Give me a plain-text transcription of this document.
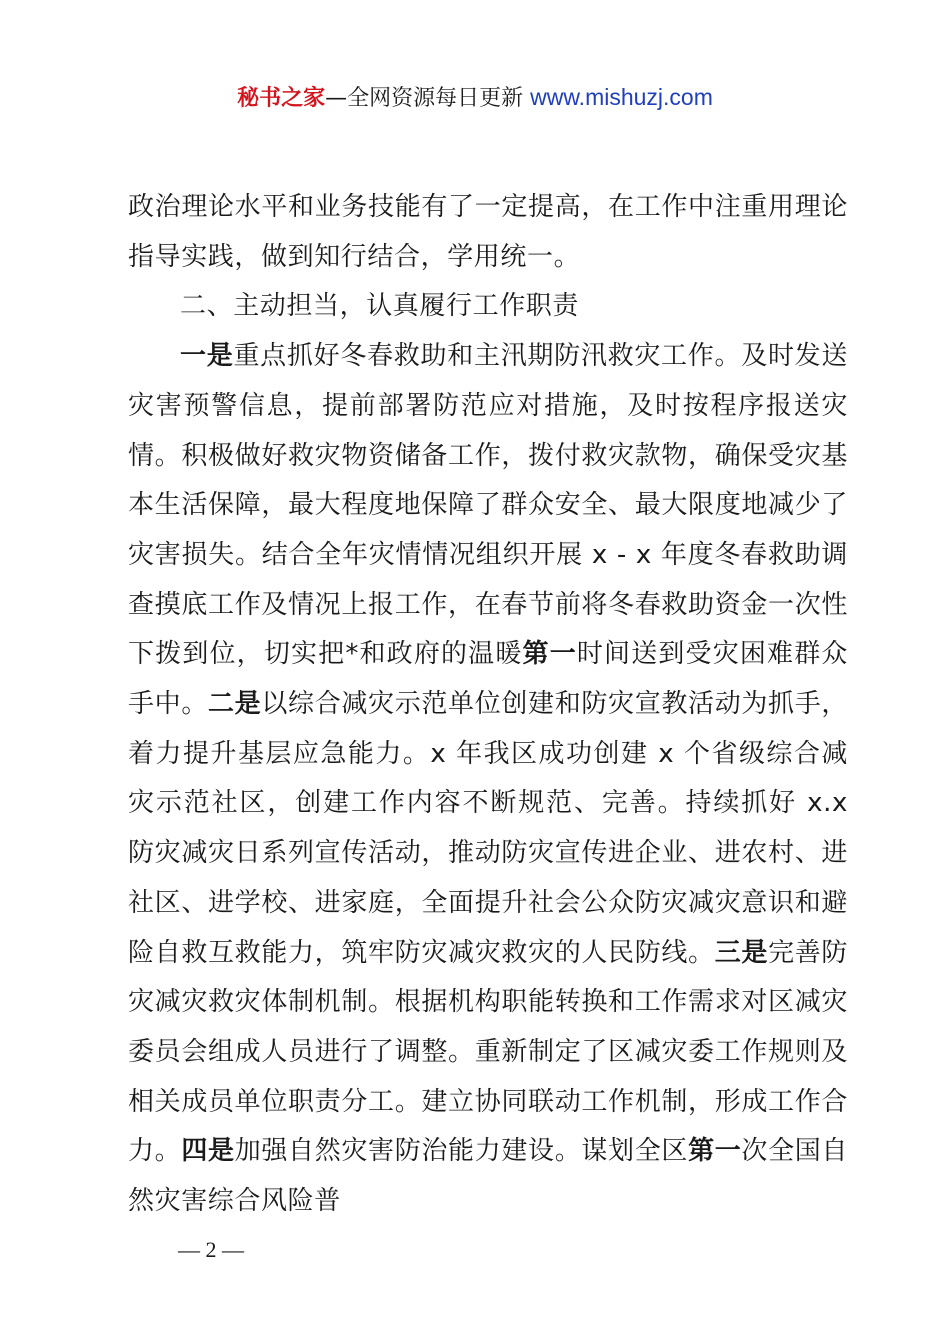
秘书之家—全网资源每日更新 www.mishuzj.com

政治理论水平和业务技能有了一定提高，在工作中注重用理论指导实践，做到知行结合，学用统一。

二、主动担当，认真履行工作职责

一是重点抓好冬春救助和主汛期防汛救灾工作。及时发送灾害预警信息，提前部署防范应对措施，及时按程序报送灾情。积极做好救灾物资储备工作，拨付救灾款物，确保受灾基本生活保障，最大程度地保障了群众安全、最大限度地减少了灾害损失。结合全年灾情情况组织开展 x - x 年度冬春救助调查摸底工作及情况上报工作，在春节前将冬春救助资金一次性下拨到位，切实把*和政府的温暖第一时间送到受灾困难群众手中。二是以综合减灾示范单位创建和防灾宣教活动为抓手，着力提升基层应急能力。x 年我区成功创建 x 个省级综合减灾示范社区，创建工作内容不断规范、完善。持续抓好 x.x 防灾减灾日系列宣传活动，推动防灾宣传进企业、进农村、进社区、进学校、进家庭，全面提升社会公众防灾减灾意识和避险自救互救能力，筑牢防灾减灾救灾的人民防线。三是完善防灾减灾救灾体制机制。根据机构职能转换和工作需求对区减灾委员会组成人员进行了调整。重新制定了区减灾委工作规则及相关成员单位职责分工。建立协同联动工作机制，形成工作合力。四是加强自然灾害防治能力建设。谋划全区第一次全国自然灾害综合风险普

— 2 —
